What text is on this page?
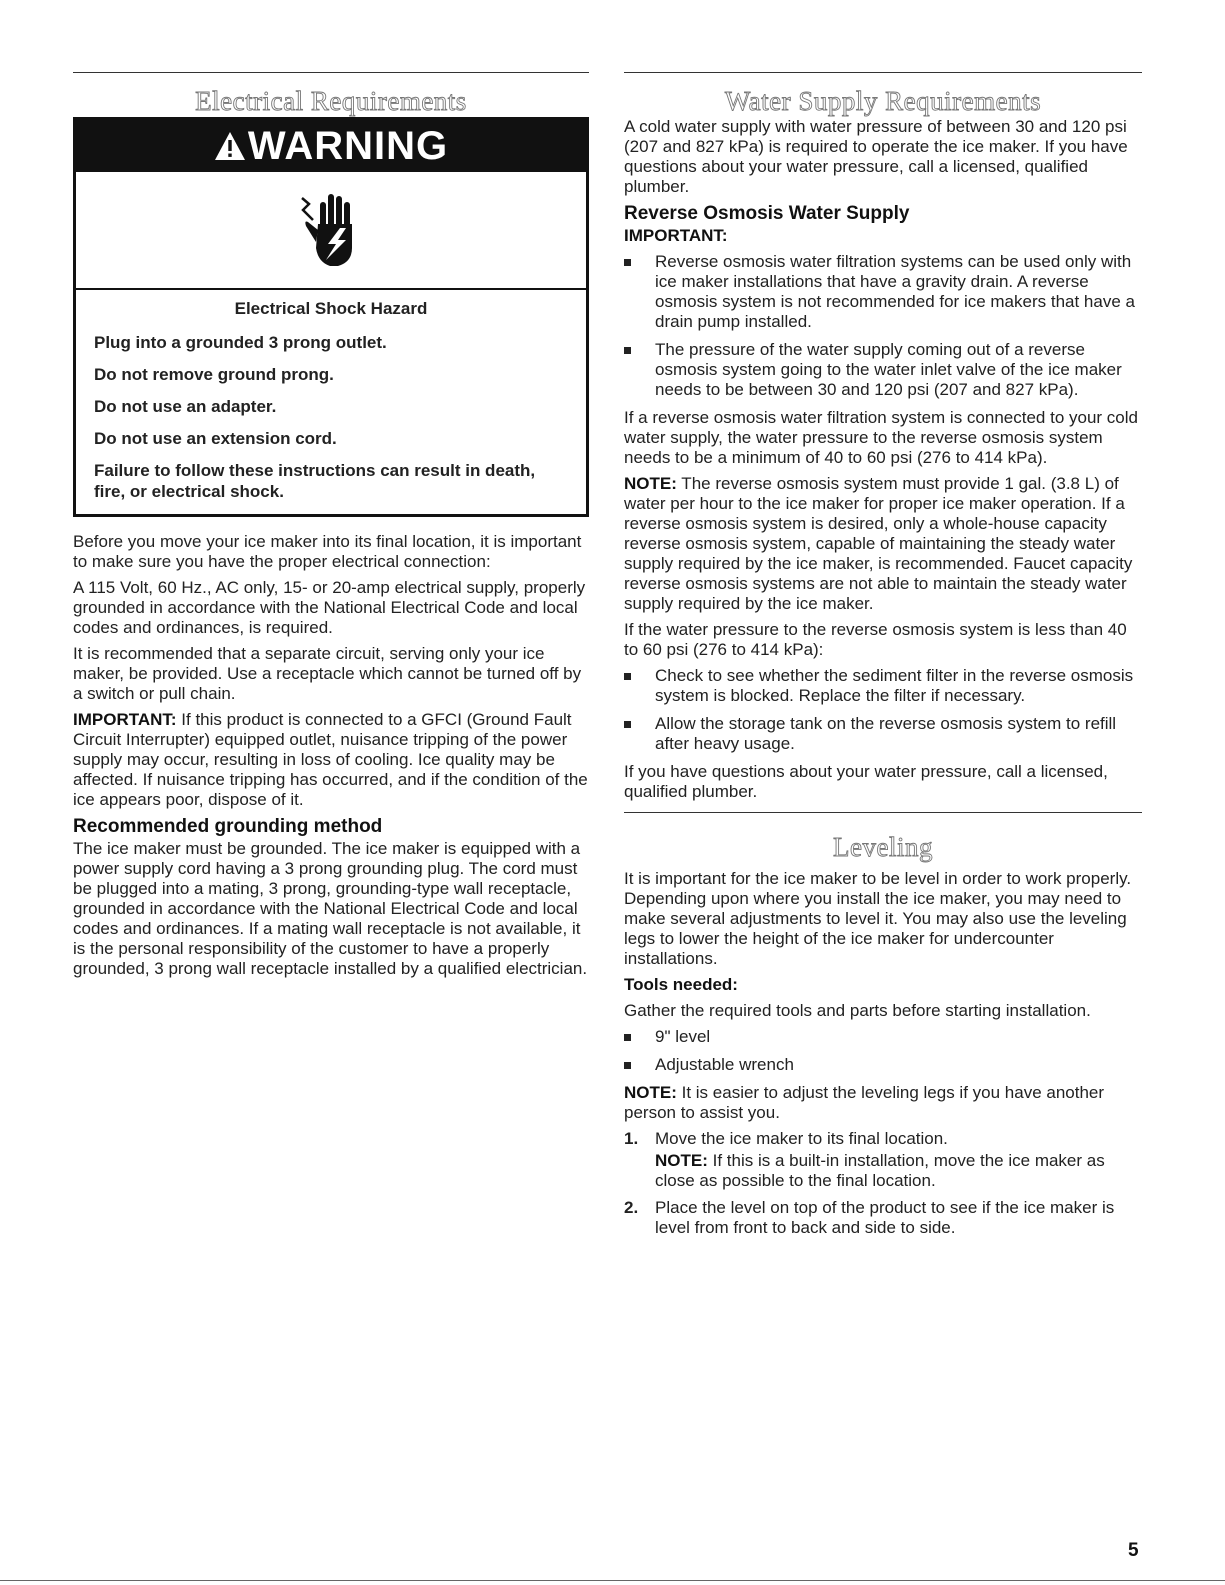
Electrical Requirements
WARNING
Electrical Shock Hazard

Plug into a grounded 3 prong outlet.

Do not remove ground prong.

Do not use an adapter.

Do not use an extension cord.

Failure to follow these instructions can result in death, fire, or electrical shock.

Before you move your ice maker into its final location, it is important to make sure you have the proper electrical connection:

A 115 Volt, 60 Hz., AC only, 15- or 20-amp electrical supply, properly grounded in accordance with the National Electrical Code and local codes and ordinances, is required.

It is recommended that a separate circuit, serving only your ice maker, be provided. Use a receptacle which cannot be turned off by a switch or pull chain.

IMPORTANT: If this product is connected to a GFCI (Ground Fault Circuit Interrupter) equipped outlet, nuisance tripping of the power supply may occur, resulting in loss of cooling. Ice quality may be affected. If nuisance tripping has occurred, and if the condition of the ice appears poor, dispose of it.

Recommended grounding method

The ice maker must be grounded. The ice maker is equipped with a power supply cord having a 3 prong grounding plug. The cord must be plugged into a mating, 3 prong, grounding-type wall receptacle, grounded in accordance with the National Electrical Code and local codes and ordinances. If a mating wall receptacle is not available, it is the personal responsibility of the customer to have a properly grounded, 3 prong wall receptacle installed by a qualified electrician.

Water Supply Requirements

A cold water supply with water pressure of between 30 and 120 psi (207 and 827 kPa) is required to operate the ice maker. If you have questions about your water pressure, call a licensed, qualified plumber.

Reverse Osmosis Water Supply
IMPORTANT:
Reverse osmosis water filtration systems can be used only with ice maker installations that have a gravity drain. A reverse osmosis system is not recommended for ice makers that have a drain pump installed.
The pressure of the water supply coming out of a reverse osmosis system going to the water inlet valve of the ice maker needs to be between 30 and 120 psi (207 and 827 kPa).

If a reverse osmosis water filtration system is connected to your cold water supply, the water pressure to the reverse osmosis system needs to be a minimum of 40 to 60 psi (276 to 414 kPa).

NOTE: The reverse osmosis system must provide 1 gal. (3.8 L) of water per hour to the ice maker for proper ice maker operation. If a reverse osmosis system is desired, only a whole-house capacity reverse osmosis system, capable of maintaining the steady water supply required by the ice maker, is recommended. Faucet capacity reverse osmosis systems are not able to maintain the steady water supply required by the ice maker.

If the water pressure to the reverse osmosis system is less than 40 to 60 psi (276 to 414 kPa):

Check to see whether the sediment filter in the reverse osmosis system is blocked. Replace the filter if necessary.
Allow the storage tank on the reverse osmosis system to refill after heavy usage.

If you have questions about your water pressure, call a licensed, qualified plumber.

Leveling

It is important for the ice maker to be level in order to work properly. Depending upon where you install the ice maker, you may need to make several adjustments to level it. You may also use the leveling legs to lower the height of the ice maker for undercounter installations.

Tools needed:

Gather the required tools and parts before starting installation.

9" level
Adjustable wrench

NOTE: It is easier to adjust the leveling legs if you have another person to assist you.

1. Move the ice maker to its final location.
NOTE: If this is a built-in installation, move the ice maker as close as possible to the final location.
2. Place the level on top of the product to see if the ice maker is level from front to back and side to side.
5
